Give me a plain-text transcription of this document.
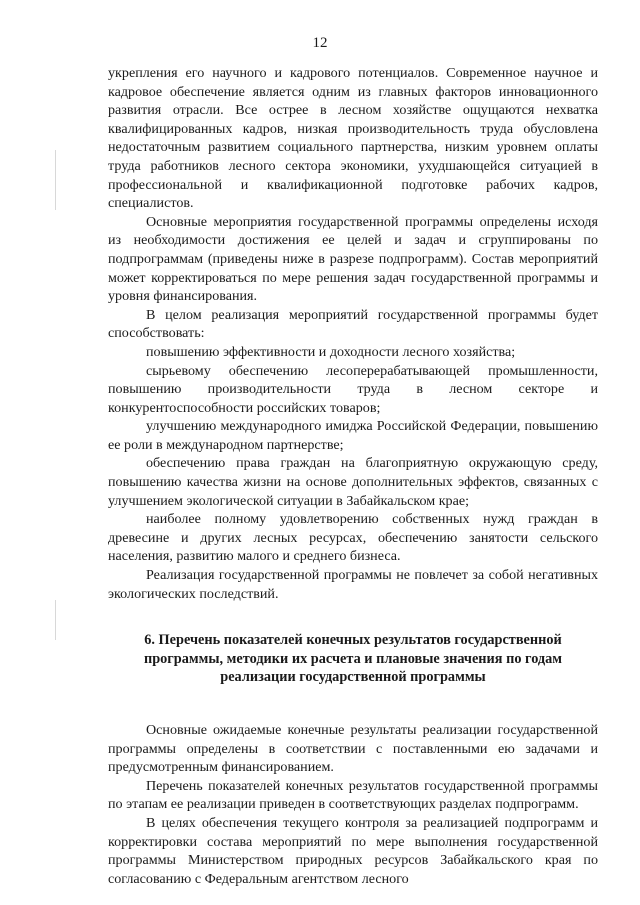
12

укрепления его научного и кадрового потенциалов. Современное научное и кадровое обеспечение является одним из главных факторов инновационного развития отрасли. Все острее в лесном хозяйстве ощущаются нехватка квалифицированных кадров, низкая производительность труда обусловлена недостаточным развитием социального партнерства, низким уровнем оплаты труда работников лесного сектора экономики, ухудшающейся ситуацией в профессиональной и квалификационной подготовке рабочих кадров, специалистов.

Основные мероприятия государственной программы определены исходя из необходимости достижения ее целей и задач и сгруппированы по подпрограммам (приведены ниже в разрезе подпрограмм). Состав мероприятий может корректироваться по мере решения задач государственной программы и уровня финансирования.

В целом реализация мероприятий государственной программы будет способствовать:

повышению эффективности и доходности лесного хозяйства;

сырьевому обеспечению лесоперерабатывающей промышленности, повышению производительности труда в лесном секторе и конкурентоспособности российских товаров;

улучшению международного имиджа Российской Федерации, повышению ее роли в международном партнерстве;

обеспечению права граждан на благоприятную окружающую среду, повышению качества жизни на основе дополнительных эффектов, связанных с улучшением экологической ситуации в Забайкальском крае;

наиболее полному удовлетворению собственных нужд граждан в древесине и других лесных ресурсах, обеспечению занятости сельского населения, развитию малого и среднего бизнеса.

Реализация государственной программы не повлечет за собой негативных экологических последствий.

6. Перечень показателей конечных результатов государственной программы, методики их расчета и плановые значения по годам реализации государственной программы

Основные ожидаемые конечные результаты реализации государственной программы определены в соответствии с поставленными ею задачами и предусмотренным финансированием.

Перечень показателей конечных результатов государственной программы по этапам ее реализации приведен в соответствующих разделах подпрограмм.

В целях обеспечения текущего контроля за реализацией подпрограмм и корректировки состава мероприятий по мере выполнения государственной программы Министерством природных ресурсов Забайкальского края по согласованию с Федеральным агентством лесного
